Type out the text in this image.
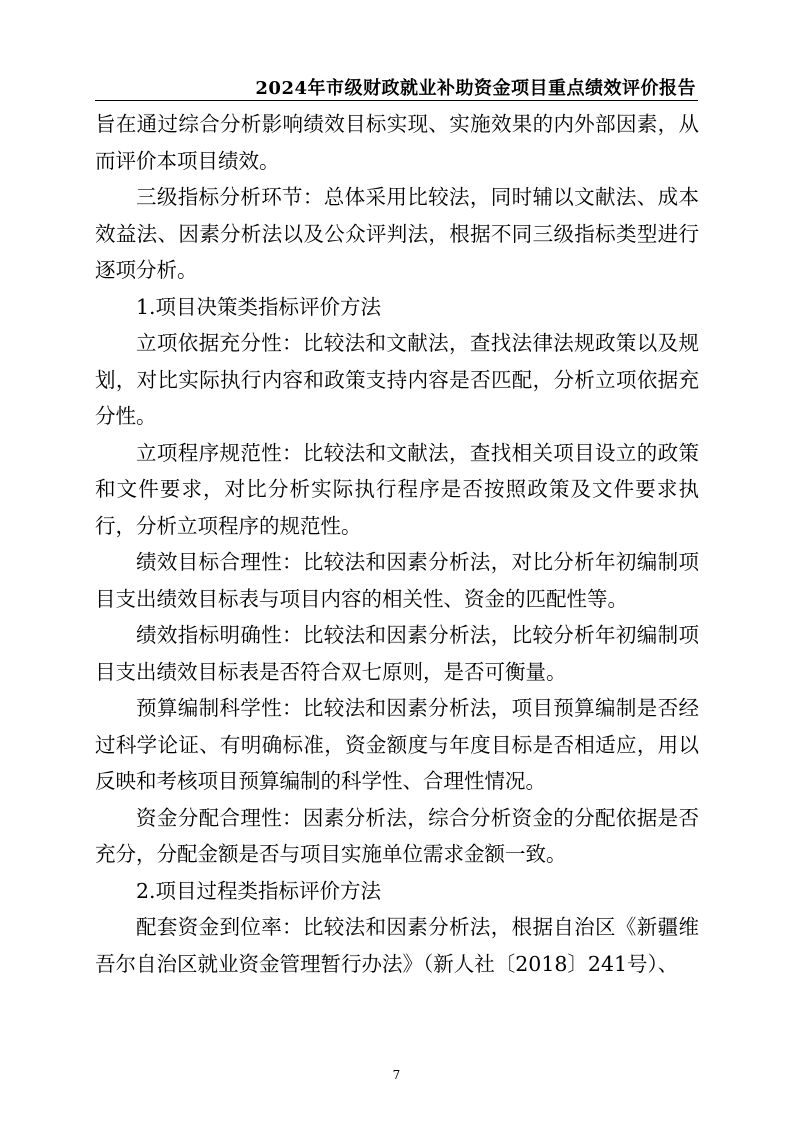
2024年市级财政就业补助资金项目重点绩效评价报告

旨在通过综合分析影响绩效目标实现、实施效果的内外部因素，从而评价本项目绩效。

三级指标分析环节：总体采用比较法，同时辅以文献法、成本效益法、因素分析法以及公众评判法，根据不同三级指标类型进行逐项分析。

1.项目决策类指标评价方法

立项依据充分性：比较法和文献法，查找法律法规政策以及规划，对比实际执行内容和政策支持内容是否匹配，分析立项依据充分性。

立项程序规范性：比较法和文献法，查找相关项目设立的政策和文件要求，对比分析实际执行程序是否按照政策及文件要求执行，分析立项程序的规范性。

绩效目标合理性：比较法和因素分析法，对比分析年初编制项目支出绩效目标表与项目内容的相关性、资金的匹配性等。

绩效指标明确性：比较法和因素分析法，比较分析年初编制项目支出绩效目标表是否符合双七原则，是否可衡量。

预算编制科学性：比较法和因素分析法，项目预算编制是否经过科学论证、有明确标准，资金额度与年度目标是否相适应，用以反映和考核项目预算编制的科学性、合理性情况。

资金分配合理性：因素分析法，综合分析资金的分配依据是否充分，分配金额是否与项目实施单位需求金额一致。

2.项目过程类指标评价方法

配套资金到位率：比较法和因素分析法，根据自治区《新疆维吾尔自治区就业资金管理暂行办法》（新人社〔2018〕241号）、

7
